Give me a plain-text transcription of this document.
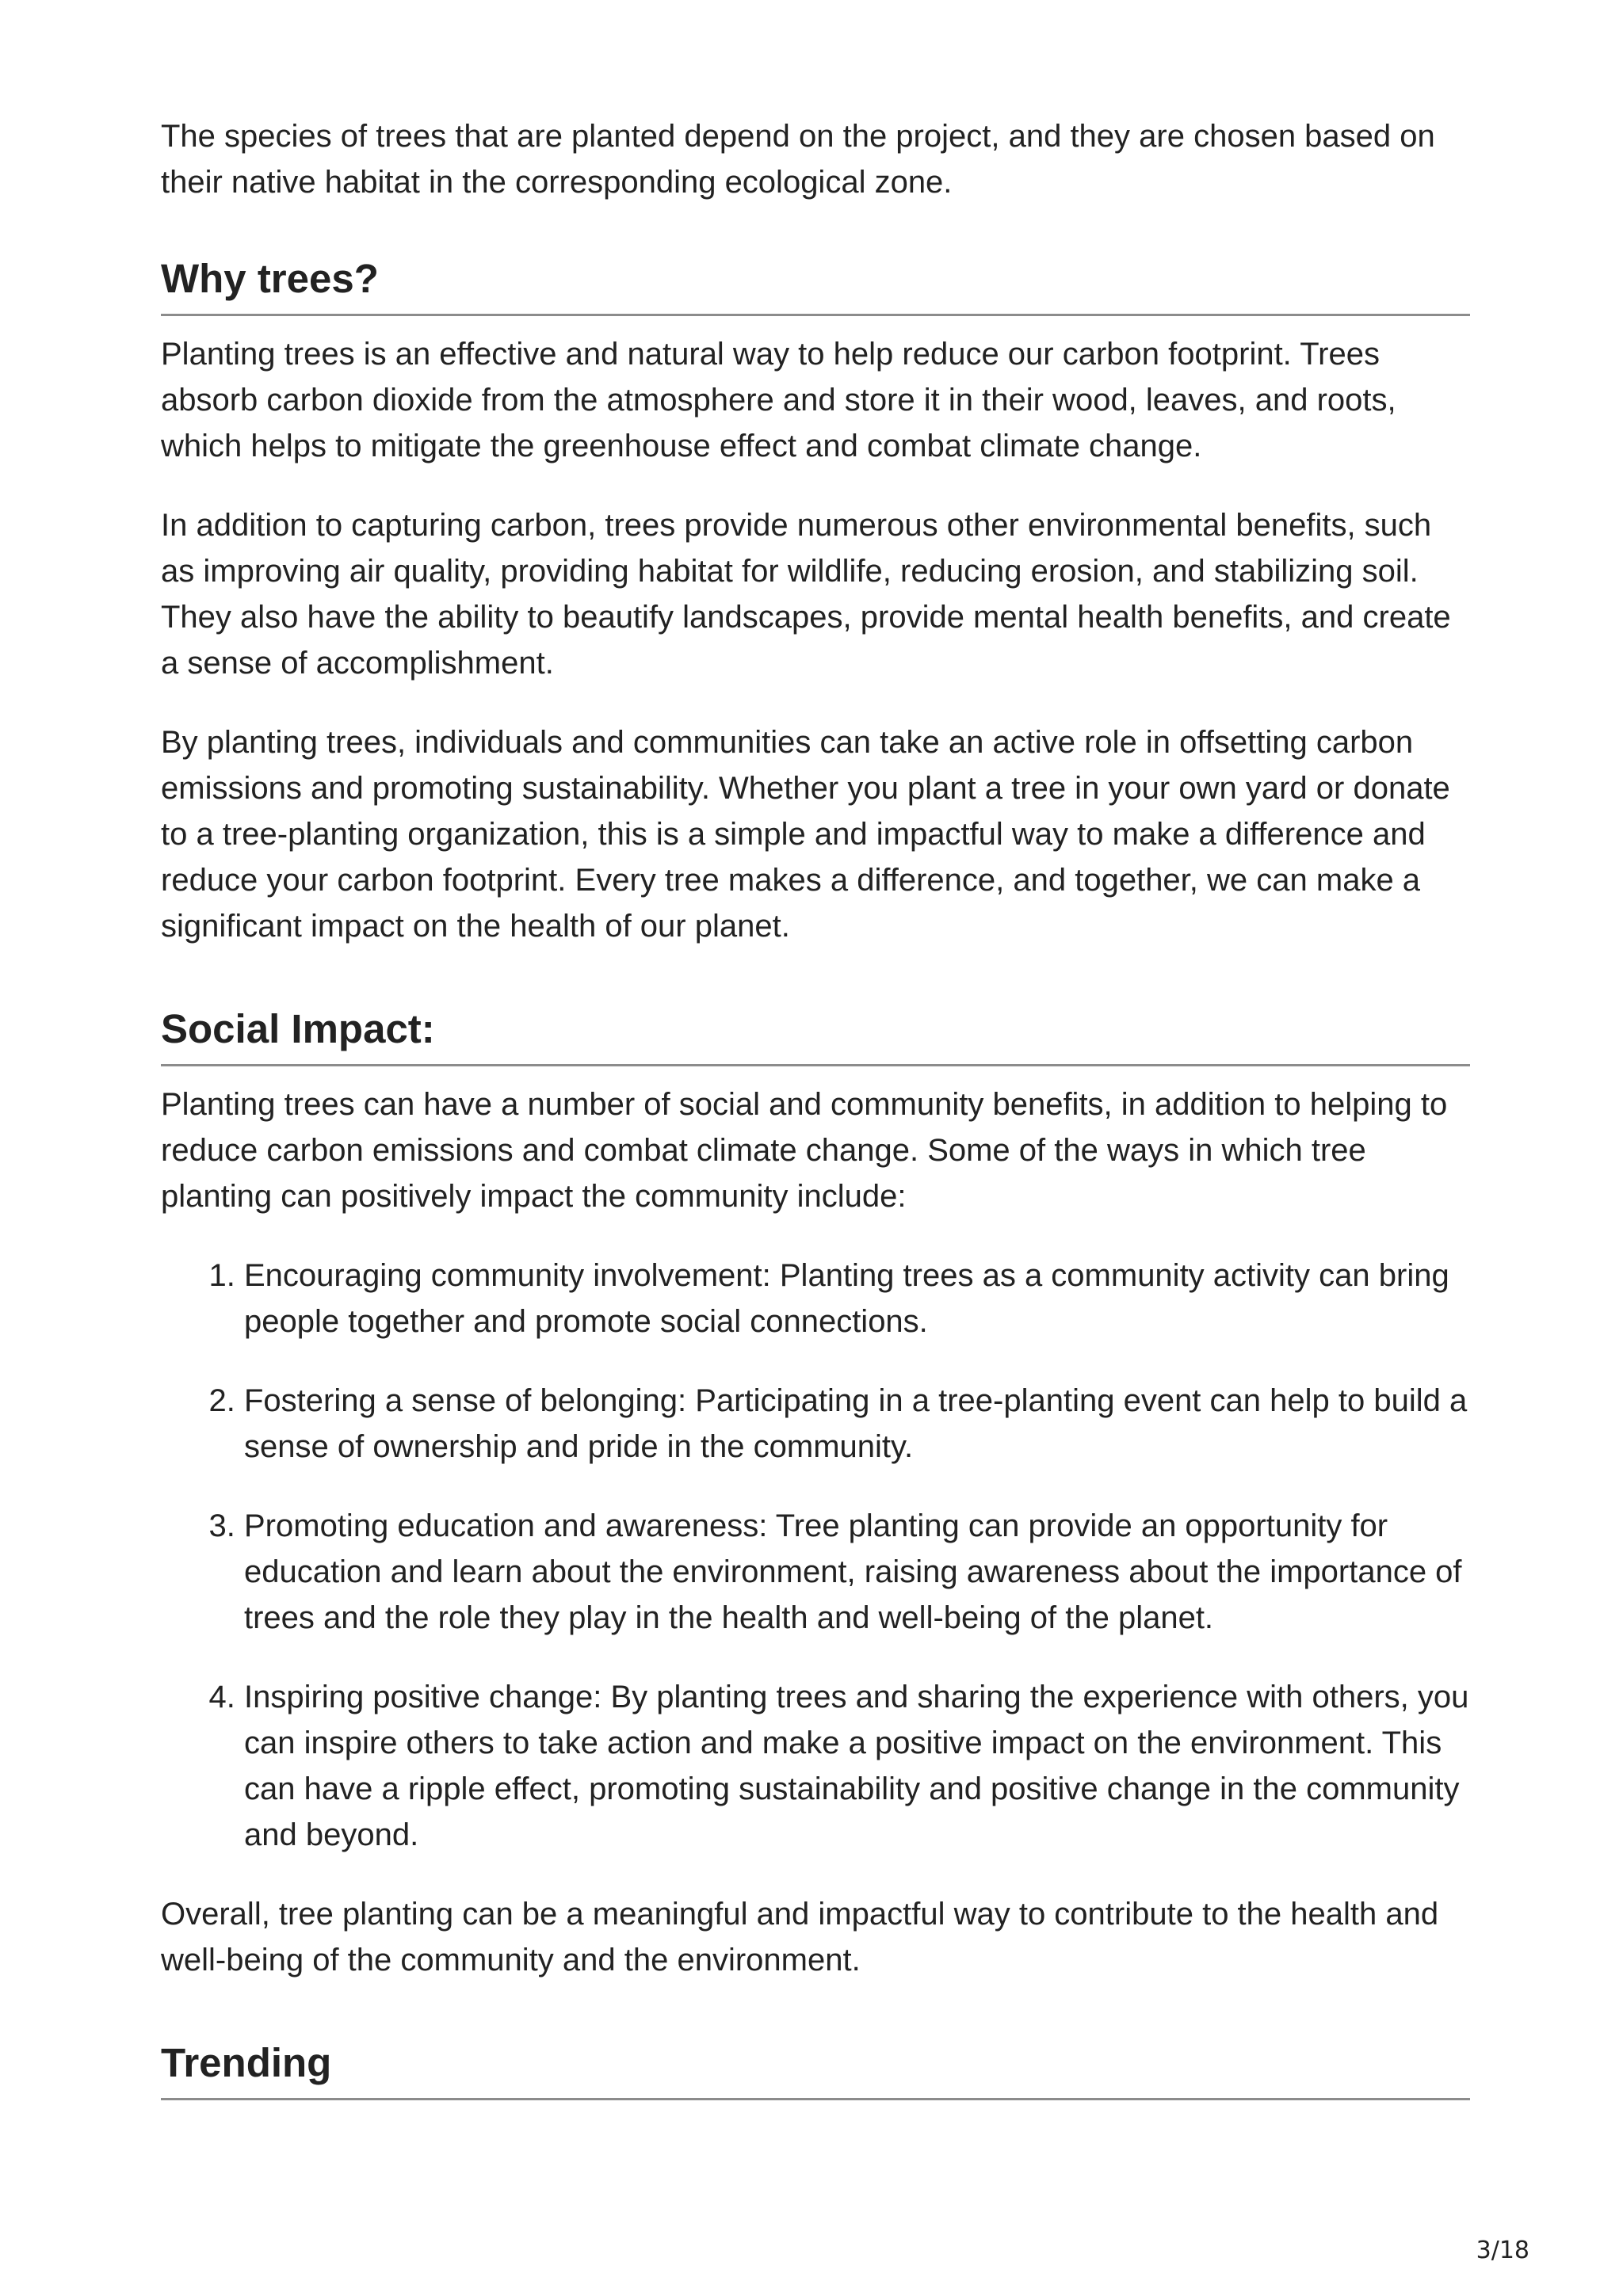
The species of trees that are planted depend on the project, and they are chosen based on their native habitat in the corresponding ecological zone.

Why trees?

Planting trees is an effective and natural way to help reduce our carbon footprint. Trees absorb carbon dioxide from the atmosphere and store it in their wood, leaves, and roots, which helps to mitigate the greenhouse effect and combat climate change.

In addition to capturing carbon, trees provide numerous other environmental benefits, such as improving air quality, providing habitat for wildlife, reducing erosion, and stabilizing soil. They also have the ability to beautify landscapes, provide mental health benefits, and create a sense of accomplishment.

By planting trees, individuals and communities can take an active role in offsetting carbon emissions and promoting sustainability. Whether you plant a tree in your own yard or donate to a tree-planting organization, this is a simple and impactful way to make a difference and reduce your carbon footprint. Every tree makes a difference, and together, we can make a significant impact on the health of our planet.

Social Impact:

Planting trees can have a number of social and community benefits, in addition to helping to reduce carbon emissions and combat climate change. Some of the ways in which tree planting can positively impact the community include:

1. Encouraging community involvement: Planting trees as a community activity can bring people together and promote social connections.
2. Fostering a sense of belonging: Participating in a tree-planting event can help to build a sense of ownership and pride in the community.
3. Promoting education and awareness: Tree planting can provide an opportunity for education and learn about the environment, raising awareness about the importance of trees and the role they play in the health and well-being of the planet.
4. Inspiring positive change: By planting trees and sharing the experience with others, you can inspire others to take action and make a positive impact on the environment. This can have a ripple effect, promoting sustainability and positive change in the community and beyond.

Overall, tree planting can be a meaningful and impactful way to contribute to the health and well-being of the community and the environment.

Trending
3/18
